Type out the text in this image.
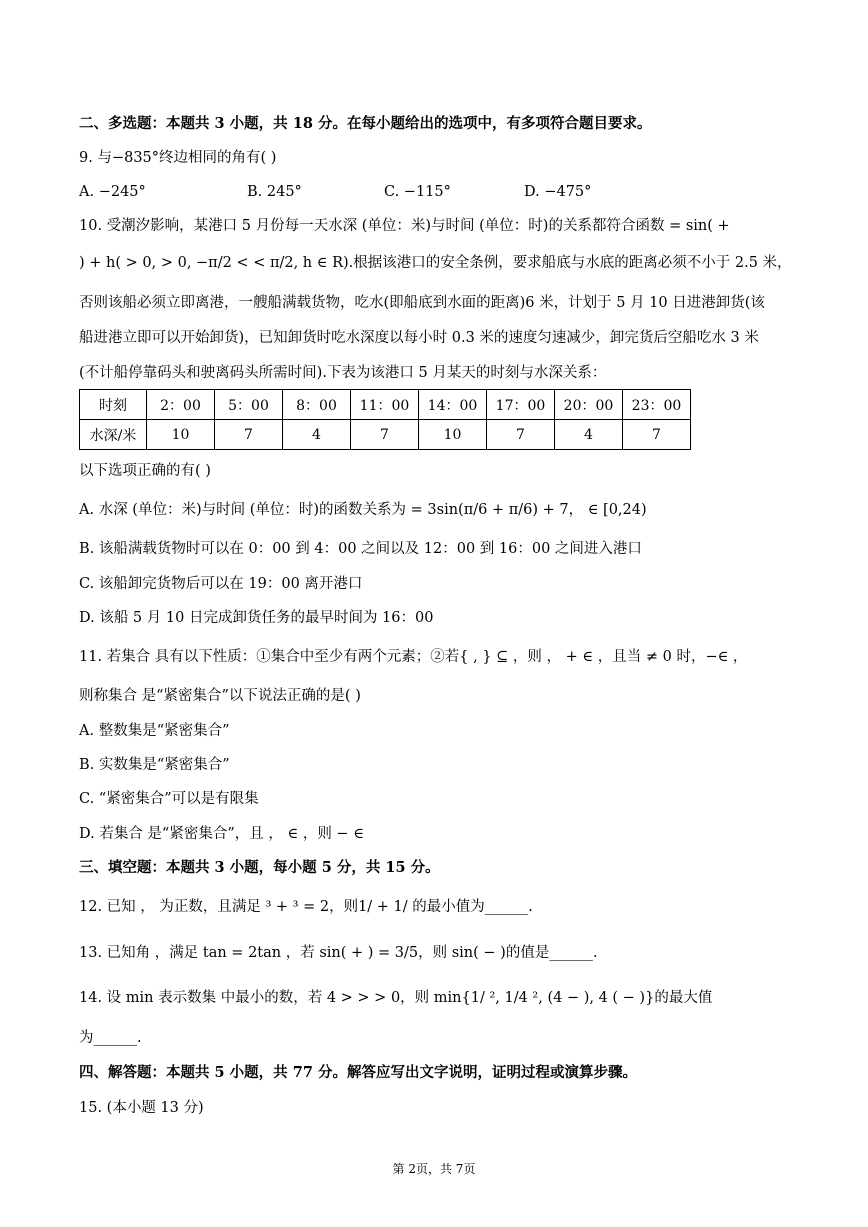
二、多选题：本题共 3 小题，共 18 分。在每小题给出的选项中，有多项符合题目要求。
9. 与−835°终边相同的角有( )
A. −245°	B. 245°	C. −115°	D. −475°
10. 受潮汐影响，某港口 5 月份每一天水深 (单位：米)与时间 (单位：时)的关系都符合函数 = sin( +
) + h( > 0, > 0, −π/2 < < π/2, h ∈ R).根据该港口的安全条例，要求船底与水底的距离必须不小于 2.5 米，
否则该船必须立即离港，一艘船满载货物，吃水(即船底到水面的距离)6 米，计划于 5 月 10 日进港卸货(该
船进港立即可以开始卸货)，已知卸货时吃水深度以每小时 0.3 米的速度匀速减少，卸完货后空船吃水 3 米
(不计船停靠码头和驶离码头所需时间).下表为该港口 5 月某天的时刻与水深关系：
时刻	2：00	5：00	8：00	11：00	14：00	17：00	20：00	23：00
水深/米	10	7	4	7	10	7	4	7
以下选项正确的有( )
A. 水深 (单位：米)与时间 (单位：时)的函数关系为 = 3sin(π/6 + π/6) + 7， ∈ [0,24)
B. 该船满载货物时可以在 0：00 到 4：00 之间以及 12：00 到 16：00 之间进入港口
C. 该船卸完货物后可以在 19：00 离开港口
D. 该船 5 月 10 日完成卸货任务的最早时间为 16：00
11. 若集合 具有以下性质：①集合中至少有两个元素；②若{ , } ⊆ ，则 ， + ∈ ，且当 ≠ 0 时，−∈ ，
则称集合 是“紧密集合”以下说法正确的是( )
A. 整数集是“紧密集合”
B. 实数集是“紧密集合”
C. “紧密集合”可以是有限集
D. 若集合 是“紧密集合”，且 ， ∈ ，则 − ∈
三、填空题：本题共 3 小题，每小题 5 分，共 15 分。
12. 已知 ， 为正数，且满足 ³ + ³ = 2，则1/ + 1/ 的最小值为______.
13. 已知角 ，满足 tan = 2tan ，若 sin( + ) = 3/5，则 sin( − )的值是______.
14. 设 min 表示数集 中最小的数，若 4 > > > 0，则 min{1/ ², 1/4 ², (4 − ), 4 ( − )}的最大值
为______.
四、解答题：本题共 5 小题，共 77 分。解答应写出文字说明，证明过程或演算步骤。
15. (本小题 13 分)
第 2页，共 7页
